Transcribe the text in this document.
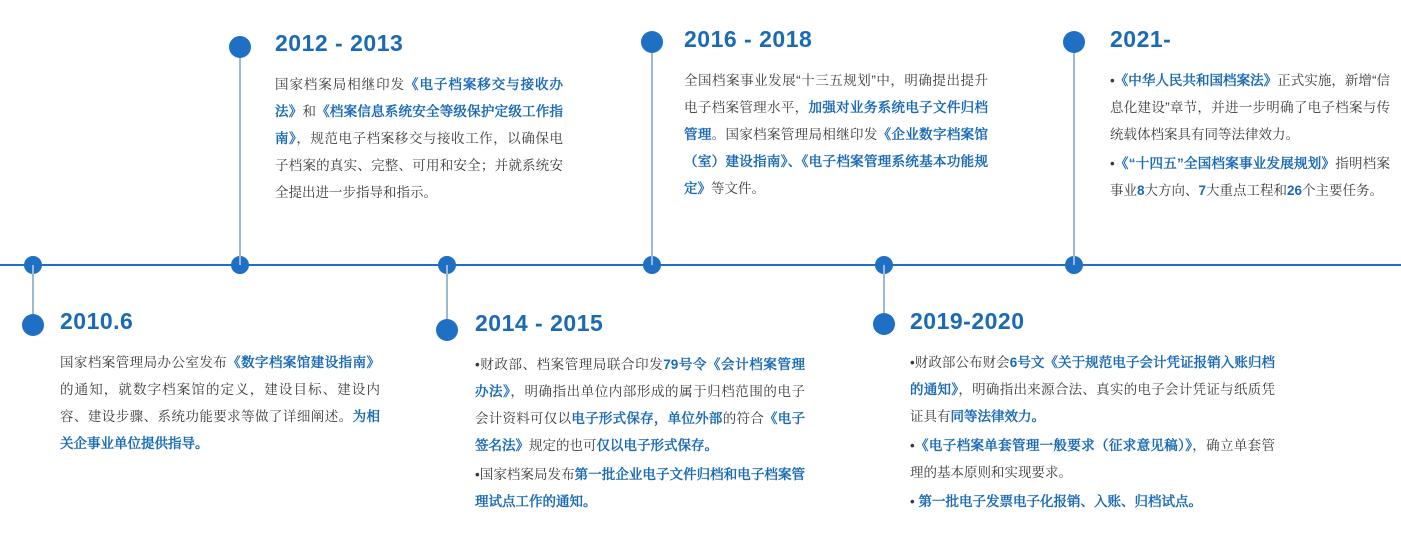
2010.6

国家档案管理局办公室发布《数字档案馆建设指南》的通知，就数字档案馆的定义，建设目标、建设内容、建设步骤、系统功能要求等做了详细阐述。为相关企事业单位提供指导。

2012 - 2013

国家档案局相继印发《电子档案移交与接收办法》和《档案信息系统安全等级保护定级工作指南》，规范电子档案移交与接收工作，以确保电子档案的真实、完整、可用和安全；并就系统安全提出进一步指导和指示。

2014 - 2015

•财政部、档案管理局联合印发79号令《会计档案管理办法》，明确指出单位内部形成的属于归档范围的电子会计资料可仅以电子形式保存，单位外部的符合《电子签名法》规定的也可仅以电子形式保存。

•国家档案局发布第一批企业电子文件归档和电子档案管理试点工作的通知。

2016 - 2018

全国档案事业发展“十三五规划”中，明确提出提升电子档案管理水平，加强对业务系统电子文件归档管理。国家档案管理局相继印发《企业数字档案馆（室）建设指南》、《电子档案管理系统基本功能规定》等文件。

2019-2020

•财政部公布财会6号文《关于规范电子会计凭证报销入账归档的通知》，明确指出来源合法、真实的电子会计凭证与纸质凭证具有同等法律效力。

•《电子档案单套管理一般要求（征求意见稿）》，确立单套管理的基本原则和实现要求。

• 第一批电子发票电子化报销、入账、归档试点。

2021-

•《中华人民共和国档案法》正式实施，新增“信息化建设”章节，并进一步明确了电子档案与传统载体档案具有同等法律效力。

•《“十四五”全国档案事业发展规划》指明档案事业8大方向、7大重点工程和26个主要任务。
